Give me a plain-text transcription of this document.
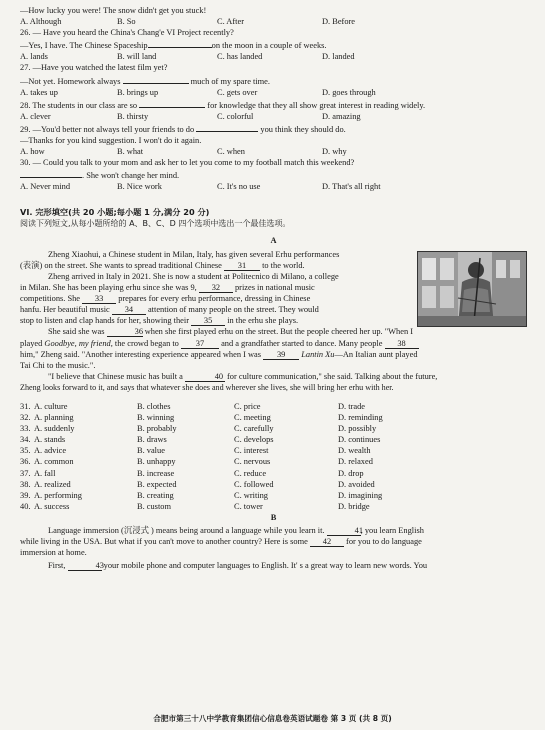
—How lucky you were! The snow didn't get you stuck!
A. Although	B. So	C. After	D. Before
26. — Have you heard the China's Chang'e VI Project recently?
—Yes, I have. The Chinese Spaceship	on the moon in a couple of weeks.
A. lands	B. will land	C. has landed	D. landed
27. —Have you watched the latest film yet?
—Not yet. Homework always	much of my spare time.
A. takes up	B. brings up	C. gets over	D. goes through
28. The students in our class are so	for knowledge that they all show great interest in reading widely.
A. clever	B. thirsty	C. colorful	D. amazing
29. —You'd better not always tell your friends to do	you think they should do.
—Thanks for you kind suggestion. I won't do it again.
A. how	B. what	C. when	D. why
30. — Could you talk to your mom and ask her to let you come to my football match this weekend?
. She won't change her mind.
A. Never mind	B. Nice work	C. It's no use	D. That's all right
VI. 完形填空(共 20 小题;每小题 1 分,满分 20 分)
阅读下列短文,从每小题所给的 A、B、C、D 四个选项中选出一个最佳选项。
A
Zheng Xiaohui, a Chinese student in Milan, Italy, has given several Erhu performances
(表演) on the street. She wants to spread traditional Chinese 31 to the world.
Zheng arrived in Italy in 2021. She is now a student at Politecnico di Milano, a college
in Milan. She has been playing erhu since she was 9, 32 prizes in national music
competitions. She 33 prepares for every erhu performance, dressing in Chinese
hanfu. Her beautiful music 34 attention of many people on the street. They would
stop to listen and clap hands for her, showing their 35 in the erhu she plays.
She said she was	36 when she first played erhu on the street. But the people cheered her up. "When I
played Goodbye, my friend, the crowd began to 37 and a grandfather started to dance. Many people 38
him," Zheng said. "Another interesting experience appeared when I was 39 Lantin Xu—An Italian aunt played
Tai Chi to the music.".
"I believe that Chinese music has built a	40 for culture communication," she said. Talking about the future,
Zheng looks forward to it, and says that whatever she does and wherever she lives, she will bring her erhu with her.
31. A. culture	B. clothes	C. price	D. trade
32. A. planning	B. winning	C. meeting	D. reminding
33. A. suddenly	B. probably	C. carefully	D. possibly
34. A. stands	B. draws	C. develops	D. continues
35. A. advice	B. value	C. interest	D. wealth
36. A. common	B. unhappy	C. nervous	D. relaxed
37. A. fall	B. increase	C. reduce	D. drop
38. A. realized	B. expected	C. followed	D. avoided
39. A. performing	B. creating	C. writing	D. imagining
40. A. success	B. custom	C. tower	D. bridge
B
Language immersion (沉浸式 ) means being around a language while you learn it.	41, you learn English
while living in the USA. But what if you can't move to another country? Here is some 42 for you to do language
immersion at home.
First,	43 your mobile phone and computer languages to English. It' s a great way to learn new words. You
合肥市第三十八中学教育集团信心信息卷英语试题卷 第 3 页 (共 8 页)
